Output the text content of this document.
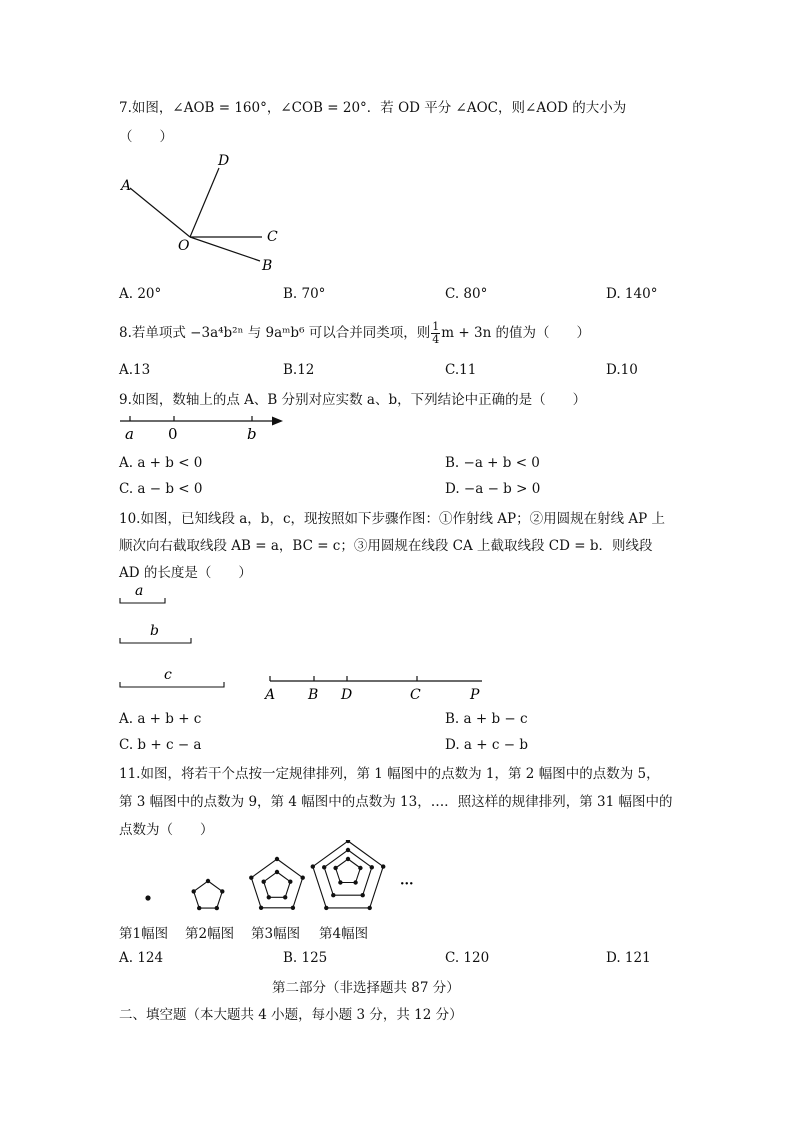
7.如图，∠AOB = 160°，∠COB = 20°．若 OD 平分 ∠AOC，则∠AOD 的大小为
（　　）
A
D
O
C
B
A. 20°	B. 70°	C. 80°	D. 140°
8.若单项式 −3a⁴b²ⁿ 与 9aᵐb⁶ 可以合并同类项，则 $\frac{1}{4}$ m + 3n 的值为（　　）
A.13	B.12	C.11	D.10
9.如图，数轴上的点 A、B 分别对应实数 a、b，下列结论中正确的是（　　）
a 0	b
A. a + b < 0	B. −a + b < 0
C. a − b < 0	D. −a − b > 0
10.如图，已知线段 a，b，c，现按照如下步骤作图：①作射线 AP；②用圆规在射线 AP 上
顺次向右截取线段 AB = a，BC = c；③用圆规在线段 CA 上截取线段 CD = b．则线段
AD 的长度是（　　）
a
b
c
A B D	C	P
A. a + b + c	B. a + b − c
C. b + c − a	D. a + c − b
11.如图，将若干个点按一定规律排列，第 1 幅图中的点数为 1，第 2 幅图中的点数为 5，
第 3 幅图中的点数为 9，第 4 幅图中的点数为 13，…．照这样的规律排列，第 31 幅图中的
点数为（　　）
···
第1幅图 第2幅图 第3幅图 第4幅图
A. 124	B. 125	C. 120	D. 121
第二部分（非选择题共 87 分）
二、填空题（本大题共 4 小题，每小题 3 分，共 12 分）
